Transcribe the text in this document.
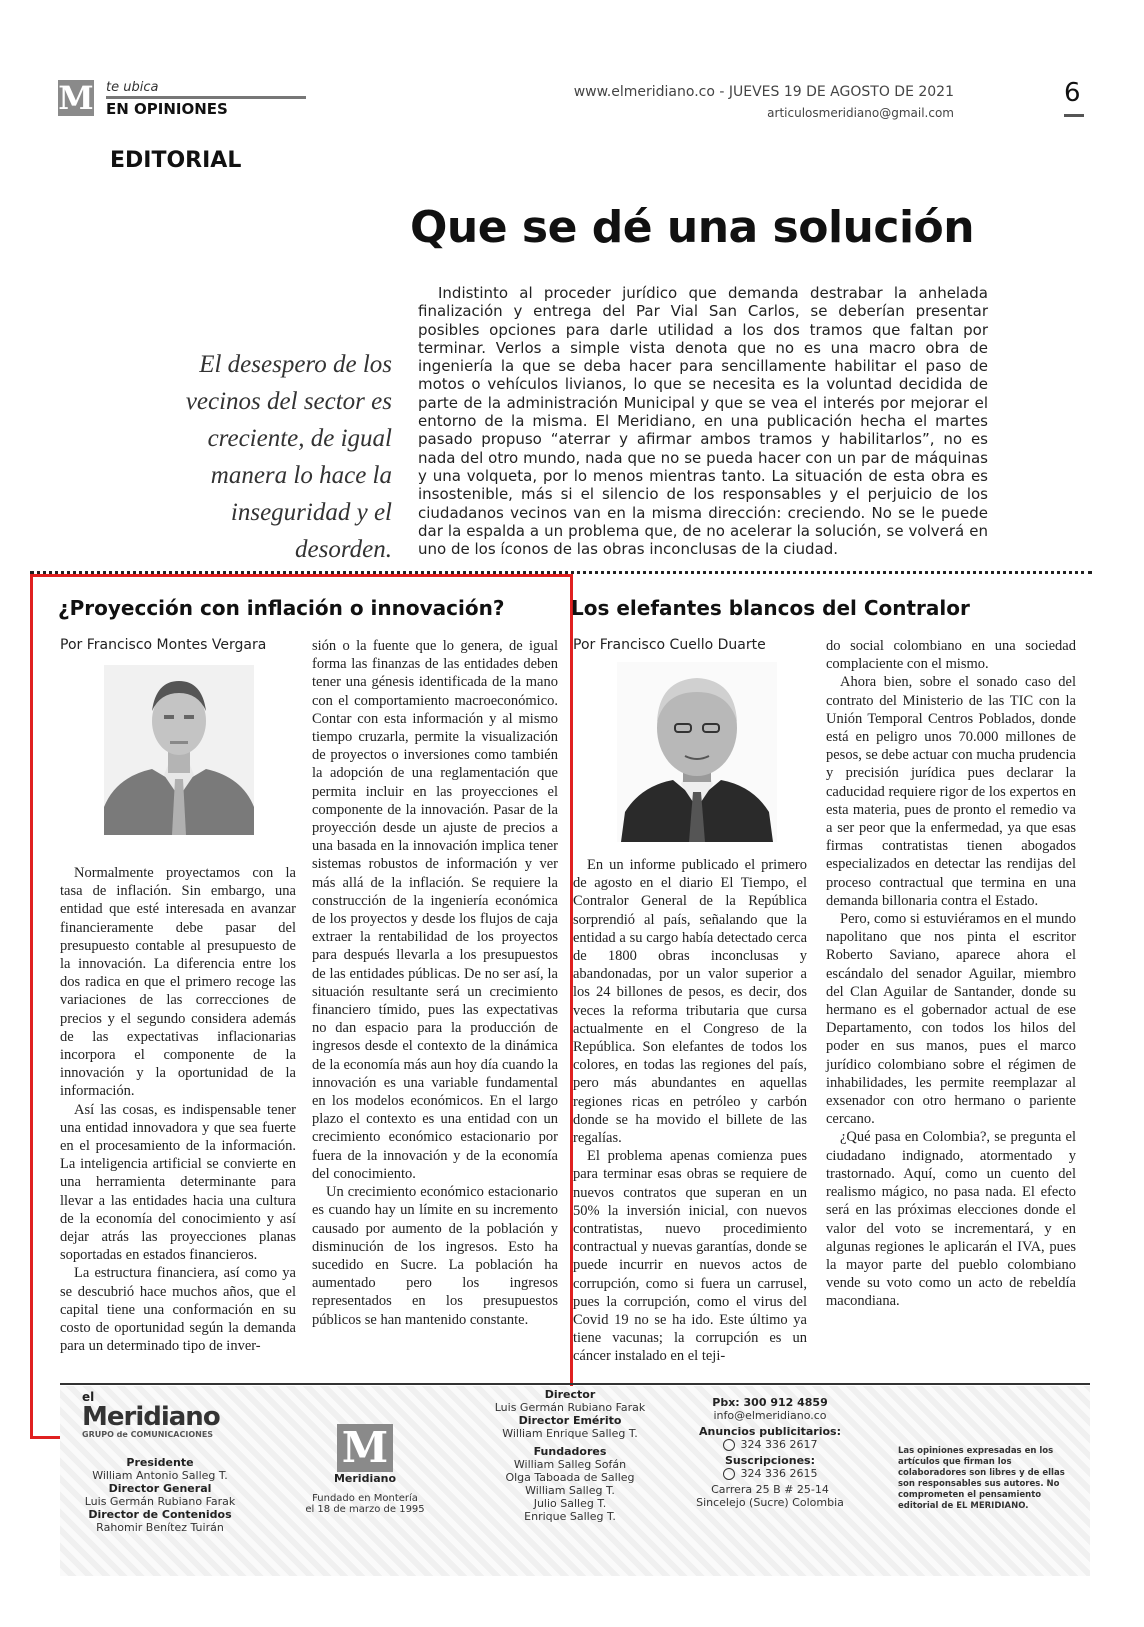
M te ubica
EN OPINIONES
www.elmeridiano.co - JUEVES 19 DE AGOSTO DE 2021
articulosmeridiano@gmail.com
6
EDITORIAL
Que se dé una solución
El desespero de los vecinos del sector es creciente, de igual manera lo hace la inseguridad y el desorden.

Indistinto al proceder jurídico que demanda destrabar la anhelada finalización y entrega del Par Vial San Carlos, se deberían presentar posibles opciones para darle utilidad a los dos tramos que faltan por terminar. Verlos a simple vista denota que no es una macro obra de ingeniería la que se deba hacer para sencillamente habilitar el paso de motos o vehículos livianos, lo que se necesita es la voluntad decidida de parte de la administración Municipal y que se vea el interés por mejorar el entorno de la misma. El Meridiano, en una publicación hecha el martes pasado propuso “aterrar y afirmar ambos tramos y habilitarlos”, no es nada del otro mundo, nada que no se pueda hacer con un par de máquinas y una volqueta, por lo menos mientras tanto. La situación de esta obra es insostenible, más si el silencio de los responsables y el perjuicio de los ciudadanos vecinos van en la misma dirección: creciendo. No se le puede dar la espalda a un problema que, de no acelerar la solución, se volverá en uno de los íconos de las obras inconclusas de la ciudad.

¿Proyección con inflación o innovación?
Por Francisco Montes Vergara

Normalmente proyectamos con la tasa de inflación. Sin embargo, una entidad que esté interesada en avanzar financieramente debe pasar del presupuesto contable al presupuesto de la innovación. La diferencia entre los dos radica en que el primero recoge las variaciones de las correcciones de precios y el segundo considera además de las expectativas inflacionarias incorpora el componente de la innovación y la oportunidad de la información.

Así las cosas, es indispensable tener una entidad innovadora y que sea fuerte en el procesamiento de la información. La inteligencia artificial se convierte en una herramienta determinante para llevar a las entidades hacia una cultura de la economía del conocimiento y así dejar atrás las proyecciones planas soportadas en estados financieros.

La estructura financiera, así como ya se descubrió hace muchos años, que el capital tiene una conformación en su costo de oportunidad según la demanda para un determinado tipo de inver-

sión o la fuente que lo genera, de igual forma las finanzas de las entidades deben tener una génesis identificada de la mano con el comportamiento macroeconómico. Contar con esta información y al mismo tiempo cruzarla, permite la visualización de proyectos o inversiones como también la adopción de una reglamentación que permita incluir en las proyecciones el componente de la innovación. Pasar de la proyección desde un ajuste de precios a una basada en la innovación implica tener sistemas robustos de información y ver más allá de la inflación. Se requiere la construcción de la ingeniería económica de los proyectos y desde los flujos de caja extraer la rentabilidad de los proyectos para después llevarla a los presupuestos de las entidades públicas. De no ser así, la situación resultante será un crecimiento financiero tímido, pues las expectativas no dan espacio para la producción de ingresos desde el contexto de la dinámica de la economía más aun hoy día cuando la innovación es una variable fundamental en los modelos económicos. En el largo plazo el contexto es una entidad con un crecimiento económico estacionario por fuera de la innovación y de la economía del conocimiento.

Un crecimiento económico estacionario es cuando hay un límite en su incremento causado por aumento de la población y disminución de los ingresos. Esto ha sucedido en Sucre. La población ha aumentado pero los ingresos representados en los presupuestos públicos se han mantenido constante.

Los elefantes blancos del Contralor
Por Francisco Cuello Duarte

En un informe publicado el primero de agosto en el diario El Tiempo, el Contralor General de la República sorprendió al país, señalando que la entidad a su cargo había detectado cerca de 1800 obras inconclusas y abandonadas, por un valor superior a los 24 billones de pesos, es decir, dos veces la reforma tributaria que cursa actualmente en el Congreso de la República. Son elefantes de todos los colores, en todas las regiones del país, pero más abundantes en aquellas regiones ricas en petróleo y carbón donde se ha movido el billete de las regalías.

El problema apenas comienza pues para terminar esas obras se requiere de nuevos contratos que superan en un 50% la inversión inicial, con nuevos contratistas, nuevo procedimiento contractual y nuevas garantías, donde se puede incurrir en nuevos actos de corrupción, como si fuera un carrusel, pues la corrupción, como el virus del Covid 19 no se ha ido. Este último ya tiene vacunas; la corrupción es un cáncer instalado en el teji-

do social colombiano en una sociedad complaciente con el mismo.

Ahora bien, sobre el sonado caso del contrato del Ministerio de las TIC con la Unión Temporal Centros Poblados, donde está en peligro unos 70.000 millones de pesos, se debe actuar con mucha prudencia y precisión jurídica pues declarar la caducidad requiere rigor de los expertos en esta materia, pues de pronto el remedio va a ser peor que la enfermedad, ya que esas firmas contratistas tienen abogados especializados en detectar las rendijas del proceso contractual que termina en una demanda billonaria contra el Estado.

Pero, como si estuviéramos en el mundo napolitano que nos pinta el escritor Roberto Saviano, aparece ahora el escándalo del senador Aguilar, miembro del Clan Aguilar de Santander, donde su hermano es el gobernador actual de ese Departamento, con todos los hilos del poder en sus manos, pues el marco jurídico colombiano sobre el régimen de inhabilidades, les permite reemplazar al exsenador con otro hermano o pariente cercano.

¿Qué pasa en Colombia?, se pregunta el ciudadano indignado, atormentado y trastornado. Aquí, como un cuento del realismo mágico, no pasa nada. El efecto será en las próximas elecciones donde el valor del voto se incrementará, y en algunas regiones le aplicarán el IVA, pues la mayor parte del pueblo colombiano vende su voto como un acto de rebeldía macondiana.

el
Meridiano
GRUPO de COMUNICACIONES
Presidente
William Antonio Salleg T.
Director General
Luis Germán Rubiano Farak
Director de Contenidos
Rahomir Benítez Tuirán
M
Meridiano
Fundado en Montería
el 18 de marzo de 1995
Director
Luis Germán Rubiano Farak
Director Emérito
William Enrique Salleg T.
Fundadores
William Salleg Sofán
Olga Taboada de Salleg
William Salleg T.
Julio Salleg T.
Enrique Salleg T.
Pbx: 300 912 4859
info@elmeridiano.co
Anuncios publicitarios:
324 336 2617
Suscripciones:
324 336 2615
Carrera 25 B # 25-14
Sincelejo (Sucre) Colombia
Las opiniones expresadas en los artículos que firman los colaboradores son libres y de ellas son responsables sus autores. No comprometen el pensamiento editorial de EL MERIDIANO.
